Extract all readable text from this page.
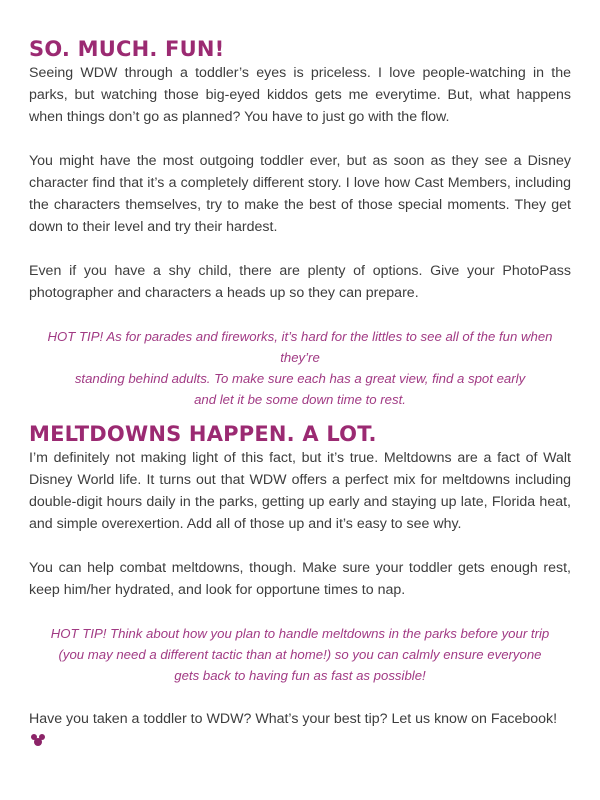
SO. MUCH. FUN!

Seeing WDW through a toddler’s eyes is priceless. I love people-watching in the parks, but watching those big-eyed kiddos gets me everytime. But, what happens when things don’t go as planned? You have to just go with the flow.

You might have the most outgoing toddler ever, but as soon as they see a Disney character find that it’s a completely different story. I love how Cast Members, including the characters themselves, try to make the best of those special moments. They get down to their level and try their hardest.

Even if you have a shy child, there are plenty of options. Give your PhotoPass photographer and characters a heads up so they can prepare.

HOT TIP! As for parades and fireworks, it’s hard for the littles to see all of the fun when they’re
standing behind adults. To make sure each has a great view, find a spot early
and let it be some down time to rest.
MELTDOWNS HAPPEN. A LOT.

I’m definitely not making light of this fact, but it’s true. Meltdowns are a fact of Walt Disney World life. It turns out that WDW offers a perfect mix for meltdowns including double-digit hours daily in the parks, getting up early and staying up late, Florida heat, and simple overexertion. Add all of those up and it’s easy to see why.

You can help combat meltdowns, though. Make sure your toddler gets enough rest, keep him/her hydrated, and look for opportune times to nap.

HOT TIP! Think about how you plan to handle meltdowns in the parks before your trip
(you may need a different tactic than at home!) so you can calmly ensure everyone
gets back to having fun as fast as possible!

Have you taken a toddler to WDW? What’s your best tip? Let us know on Facebook!
